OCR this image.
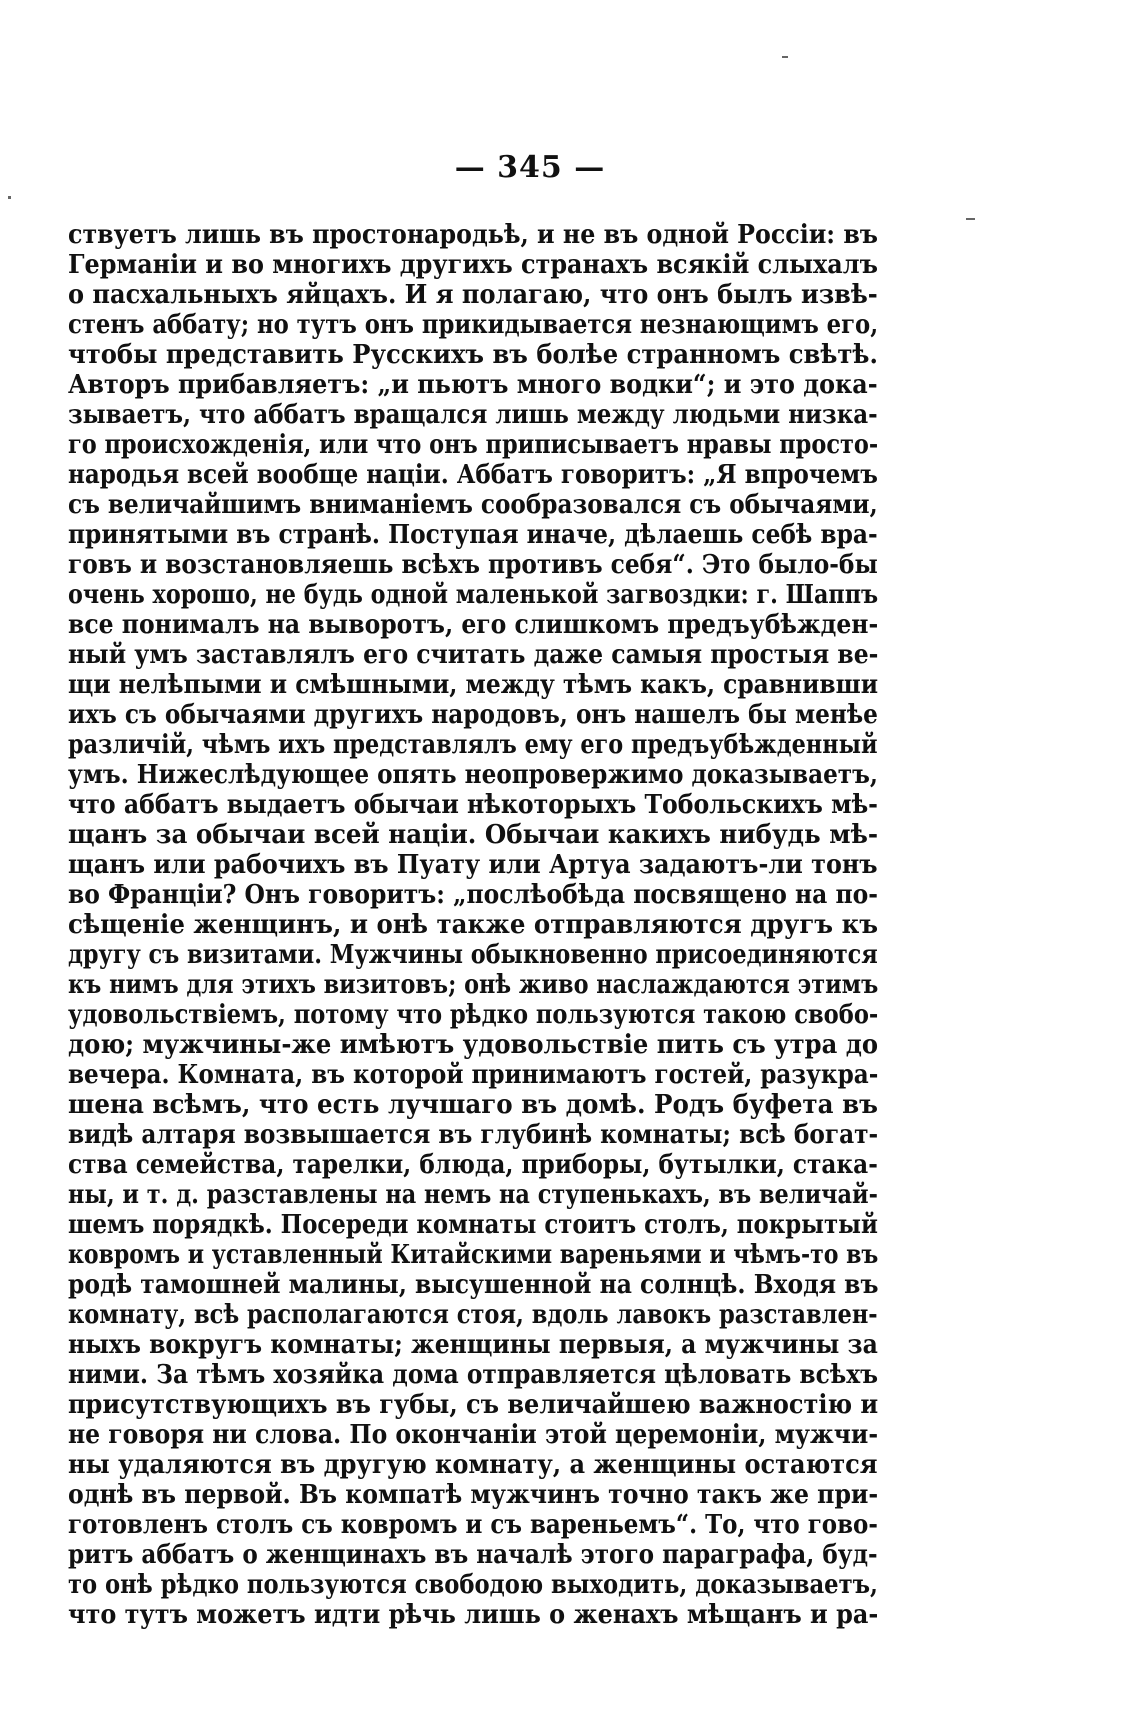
— 345 —
ствуетъ лишь въ простонародьѣ, и не въ одной Россіи: въ
Германіи и во многихъ другихъ странахъ всякій слыхалъ
о пасхальныхъ яйцахъ. И я полагаю, что онъ былъ извѣ-
стенъ аббату; но тутъ онъ прикидывается незнающимъ его,
чтобы представить Русскихъ въ болѣе странномъ свѣтѣ.
Авторъ прибавляетъ: „и пьютъ много водки“; и это дока-
зываетъ, что аббатъ вращался лишь между людьми низка-
го происхожденія, или что онъ приписываетъ нравы просто-
народья всей вообще націи. Аббатъ говоритъ: „Я впрочемъ
съ величайшимъ вниманіемъ сообразовался съ обычаями,
принятыми въ странѣ. Поступая иначе, дѣлаешь себѣ вра-
говъ и возстановляешь всѣхъ противъ себя“. Это было-бы
очень хорошо, не будь одной маленькой загвоздки: г. Шаппъ
все понималъ на выворотъ, его слишкомъ предъубѣжден-
ный умъ заставлялъ его считать даже самыя простыя ве-
щи нелѣпыми и смѣшными, между тѣмъ какъ, сравнивши
ихъ съ обычаями другихъ народовъ, онъ нашелъ бы менѣе
различій, чѣмъ ихъ представлялъ ему его предъубѣжденный
умъ. Нижеслѣдующее опять неопровержимо доказываетъ,
что аббатъ выдаетъ обычаи нѣкоторыхъ Тобольскихъ мѣ-
щанъ за обычаи всей націи. Обычаи какихъ нибудь мѣ-
щанъ или рабочихъ въ Пуату или Артуа задаютъ-ли тонъ
во Франціи? Онъ говоритъ: „послѣобѣда посвящено на по-
сѣщеніе женщинъ, и онѣ также отправляются другъ къ
другу съ визитами. Мужчины обыкновенно присоединяются
къ нимъ для этихъ визитовъ; онѣ живо наслаждаются этимъ
удовольствіемъ, потому что рѣдко пользуются такою свобо-
дою; мужчины-же имѣютъ удовольствіе пить съ утра до
вечера. Комната, въ которой принимаютъ гостей, разукра-
шена всѣмъ, что есть лучшаго въ домѣ. Родъ буфета въ
видѣ алтаря возвышается въ глубинѣ комнаты; всѣ богат-
ства семейства, тарелки, блюда, приборы, бутылки, стака-
ны, и т. д. разставлены на немъ на ступенькахъ, въ величай-
шемъ порядкѣ. Посереди комнаты стоитъ столъ, покрытый
ковромъ и уставленный Китайскими вареньями и чѣмъ-то въ
родѣ тамошней малины, высушенной на солнцѣ. Входя въ
комнату, всѣ располагаются стоя, вдоль лавокъ разставлен-
ныхъ вокругъ комнаты; женщины первыя, а мужчины за
ними. За тѣмъ хозяйка дома отправляется цѣловать всѣхъ
присутствующихъ въ губы, съ величайшею важностію и
не говоря ни слова. По окончаніи этой церемоніи, мужчи-
ны удаляются въ другую комнату, а женщины остаются
однѣ въ первой. Въ компатѣ мужчинъ точно такъ же при-
готовленъ столъ съ ковромъ и съ вареньемъ“. То, что гово-
ритъ аббатъ о женщинахъ въ началѣ этого параграфа, буд-
то онѣ рѣдко пользуются свободою выходить, доказываетъ,
что тутъ можетъ идти рѣчь лишь о женахъ мѣщанъ и ра-
